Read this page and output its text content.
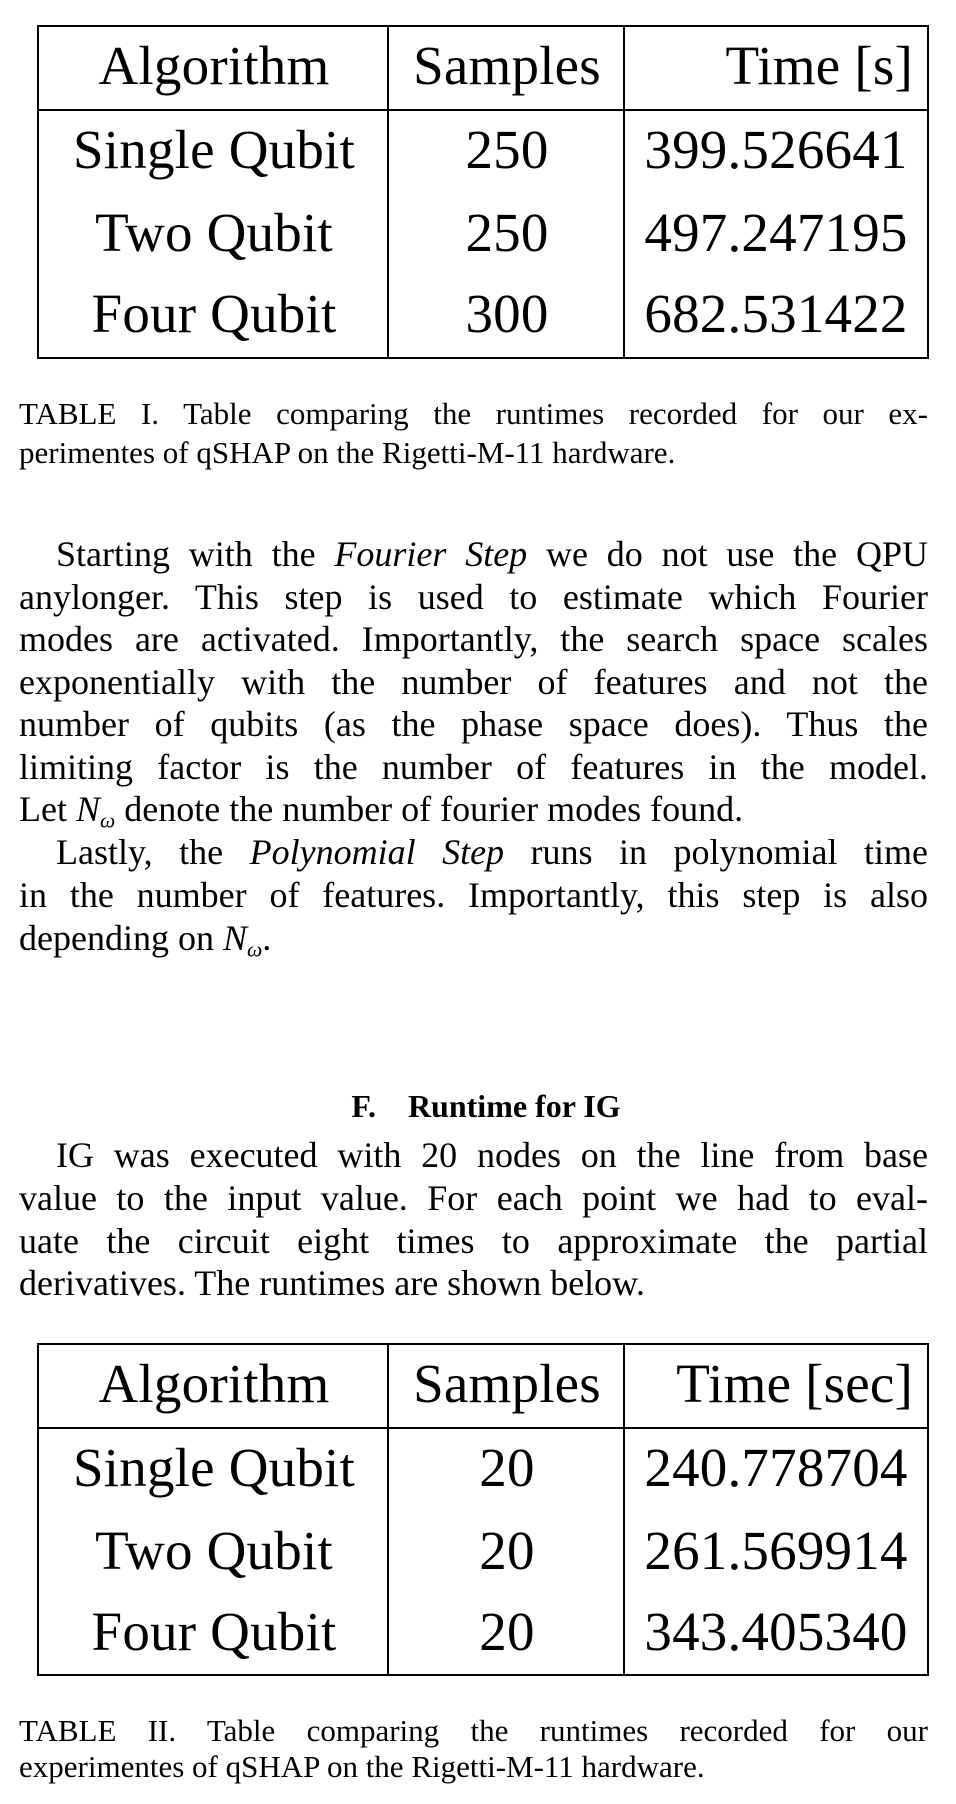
Algorithm	Samples	Time [s]
Single Qubit	250	399.526641
Two Qubit	250	497.247195
Four Qubit	300	682.531422
TABLE I. Table comparing the runtimes recorded for our ex-
perimentes of qSHAP on the Rigetti-M-11 hardware.
Starting with the Fourier Step we do not use the QPU
anylonger. This step is used to estimate which Fourier
modes are activated. Importantly, the search space scales
exponentially with the number of features and not the
number of qubits (as the phase space does). Thus the
limiting factor is the number of features in the model.
Let $N_\omega$ denote the number of fourier modes found.
Lastly, the Polynomial Step runs in polynomial time
in the number of features. Importantly, this step is also
depending on $N_\omega$.

F. Runtime for IG

IG was executed with 20 nodes on the line from base
value to the input value. For each point we had to eval-
uate the circuit eight times to approximate the partial
derivatives. The runtimes are shown below.
Algorithm	Samples	Time [sec]
Single Qubit	20	240.778704
Two Qubit	20	261.569914
Four Qubit	20	343.405340
TABLE II. Table comparing the runtimes recorded for our
experimentes of qSHAP on the Rigetti-M-11 hardware.
